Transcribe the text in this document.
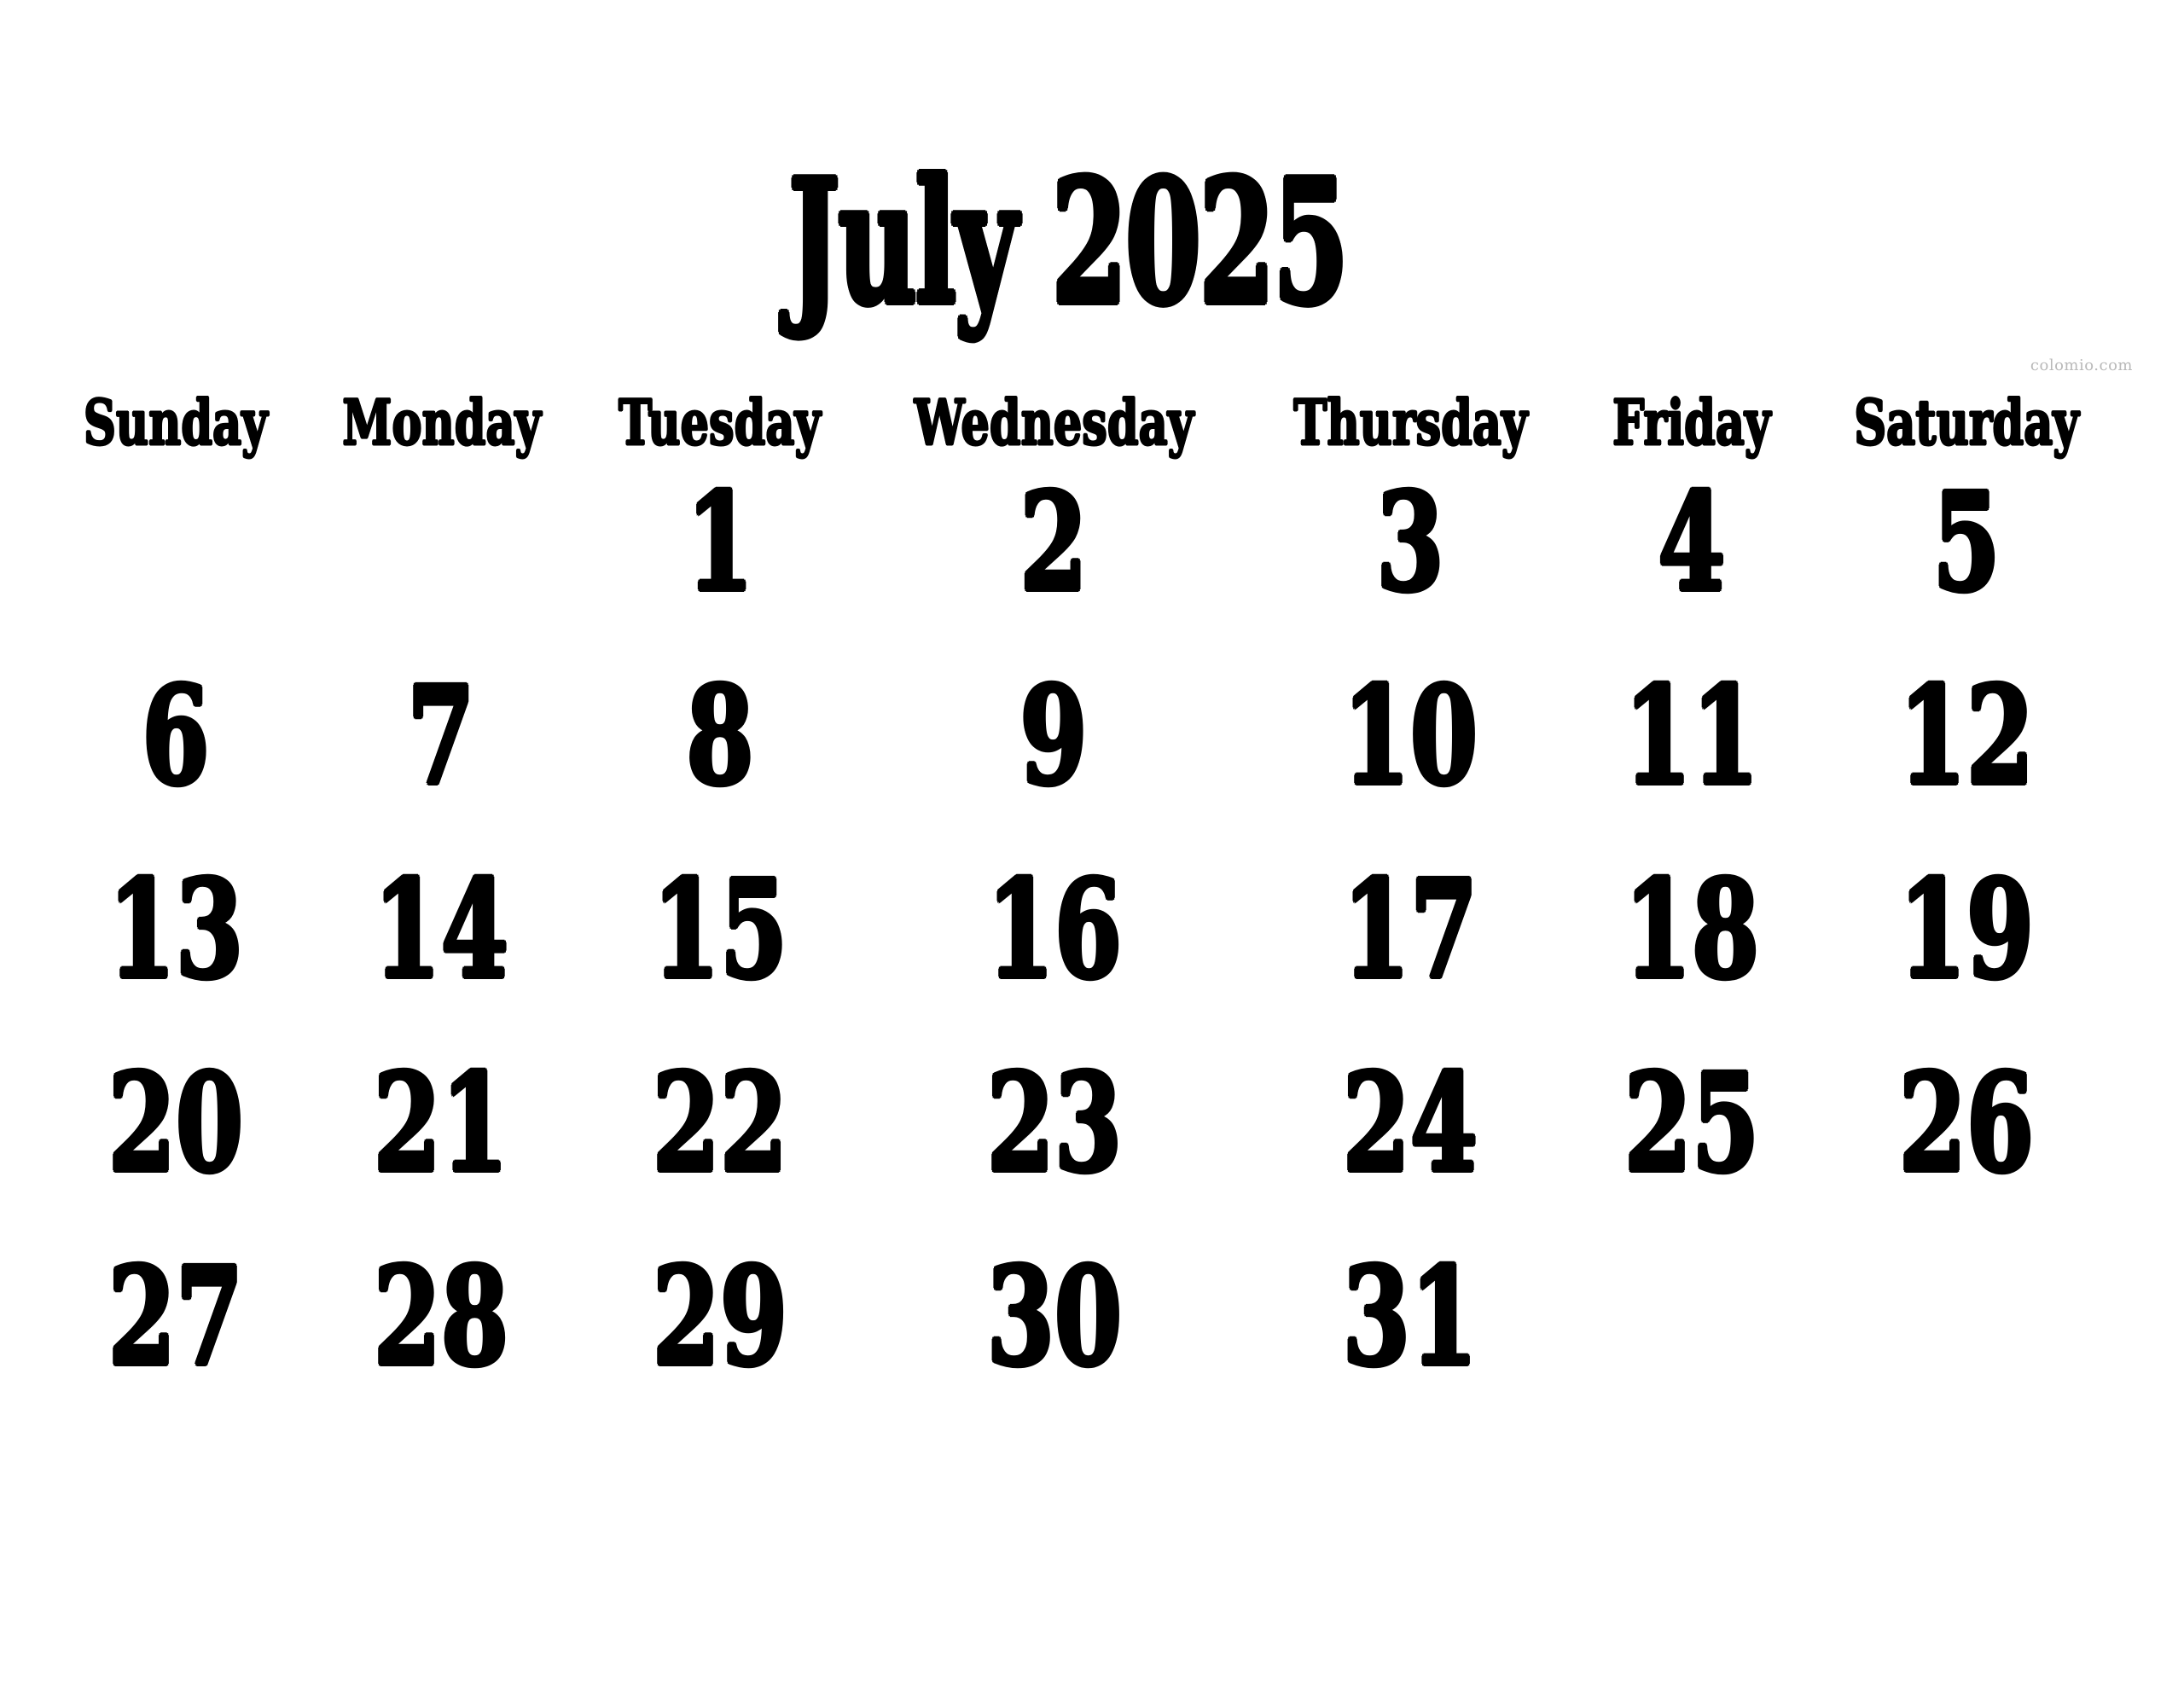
July 2025
colomio.com
Sunday Monday Tuesday Wednesday Thursday Friday Saturday
1 2 3 4 5
6 7 8 9 10 11 12
13 14 15 16 17 18 19
20 21 22 23 24 25 26
27 28 29 30 31
